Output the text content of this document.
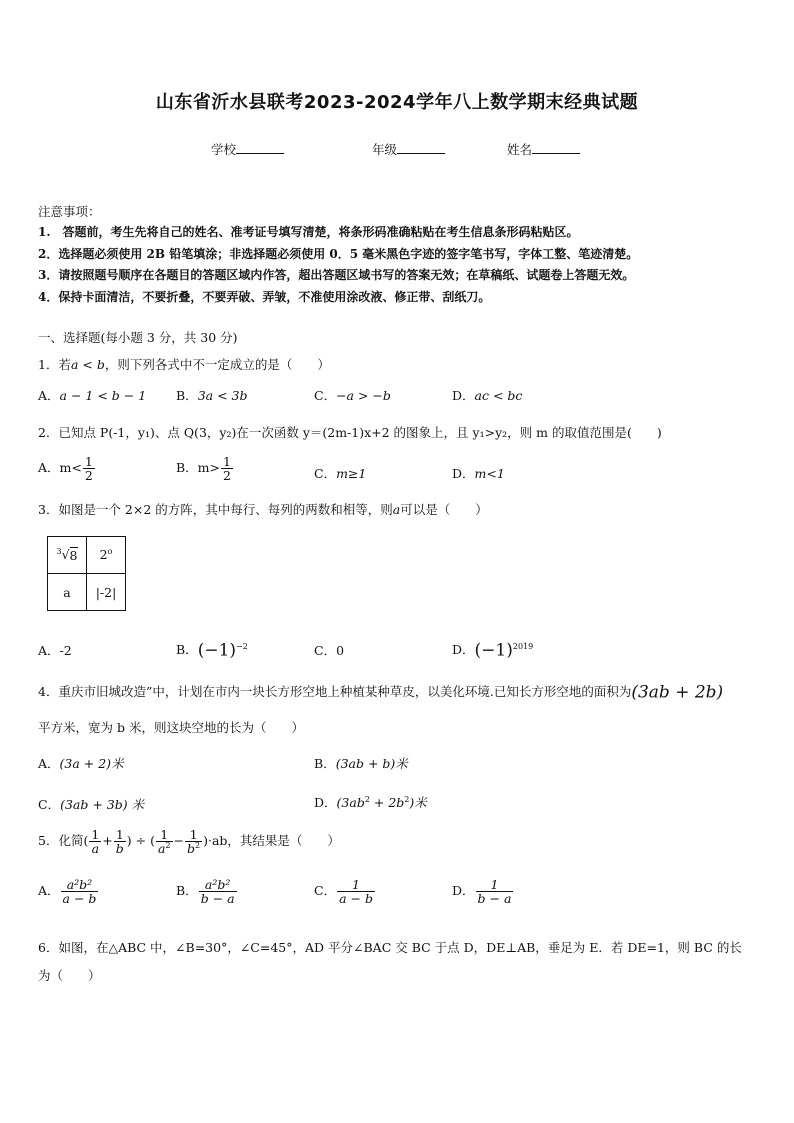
山东省沂水县联考2023-2024学年八上数学期末经典试题
学校	年级	姓名
注意事项：
1.　答题前，考生先将自己的姓名、准考证号填写清楚，将条形码准确粘贴在考生信息条形码粘贴区。
2．选择题必须使用 2B 铅笔填涂；非选择题必须使用 0．5 毫米黑色字迹的签字笔书写，字体工整、笔迹清楚。
3．请按照题号顺序在各题目的答题区域内作答，超出答题区域书写的答案无效；在草稿纸、试题卷上答题无效。
4．保持卡面清洁，不要折叠，不要弄破、弄皱，不准使用涂改液、修正带、刮纸刀。
一、选择题(每小题 3 分，共 30 分)
1．若a < b，则下列各式中不一定成立的是（　　）
A．a − 1 < b − 1 B．3a < 3b	C．−a > −b	D．ac < bc
2．已知点 P(-1，y₁)、点 Q(3，y₂)在一次函数 y＝(2m-1)x+2 的图象上，且 y₁>y₂，则 m 的取值范围是(　　)
A．$m< \frac{1}{2}$	B．$m> \frac{1}{2}$	C．m≥1	D．m<1
3．如图是一个 2×2 的方阵，其中每行、每列的两数和相等，则a可以是（　　）
$^3$√8	2$^o$
a	|-2|
A．-2	B．$(-1)^{-2}$	C．0	D．$(-1)^{2019}$
4．重庆市旧城改造”中，计划在市内一块长方形空地上种植某种草皮，以美化环境.已知长方形空地的面积为(3ab + 2b)
平方米，宽为 b 米，则这块空地的长为（　　）
A．(3a + 2)米	B．(3ab + b)米
C．(3ab + 3b) 米	D．$(3ab^2 + 2b^2)$米
5．化简( $\frac{1}{a} + \frac{1}{b}$ ) ÷ ( $\frac{1}{a^2} - \frac{1}{b^2} )\cdot ab$，其结果是（　　）
A． $\frac{\text{a²b²}}{a - b}$	B． $\frac{\text{a²b²}}{b - a}$	C． $\frac{1}{a - b}$	D． $\frac{1}{b - a}$
6．如图，在△ABC 中，∠B=30°，∠C=45°，AD 平分∠BAC 交 BC 于点 D，DE⊥AB，垂足为 E．若 DE=1，则 BC 的长
为（　　）
